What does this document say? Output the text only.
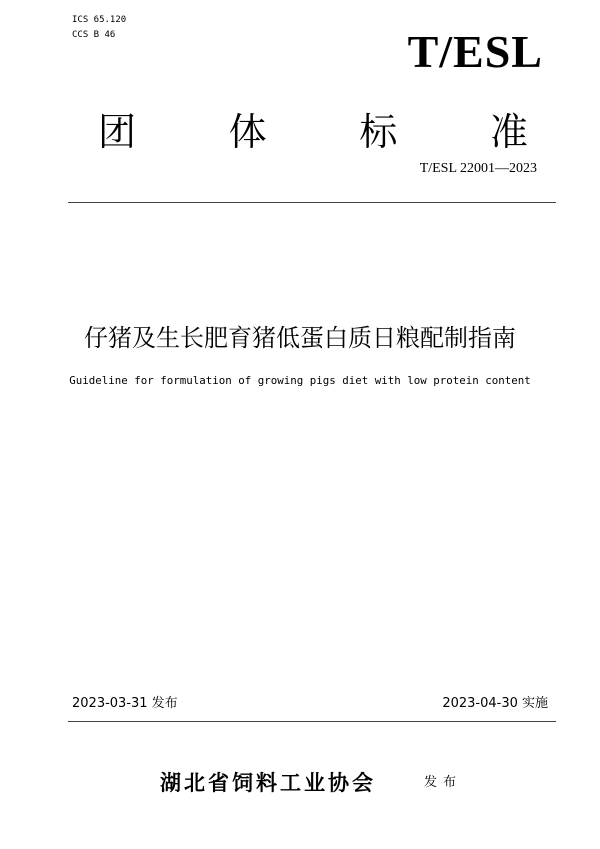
ICS 65.120
CCS B 46	T/ESL
团 体 标 准
T/ESL 22001—2023
仔猪及生长肥育猪低蛋白质日粮配制指南
Guideline for formulation of growing pigs diet with low protein content
2023-03-31 发布	2023-04-30 实施
湖北省饲料工业协会	发布
